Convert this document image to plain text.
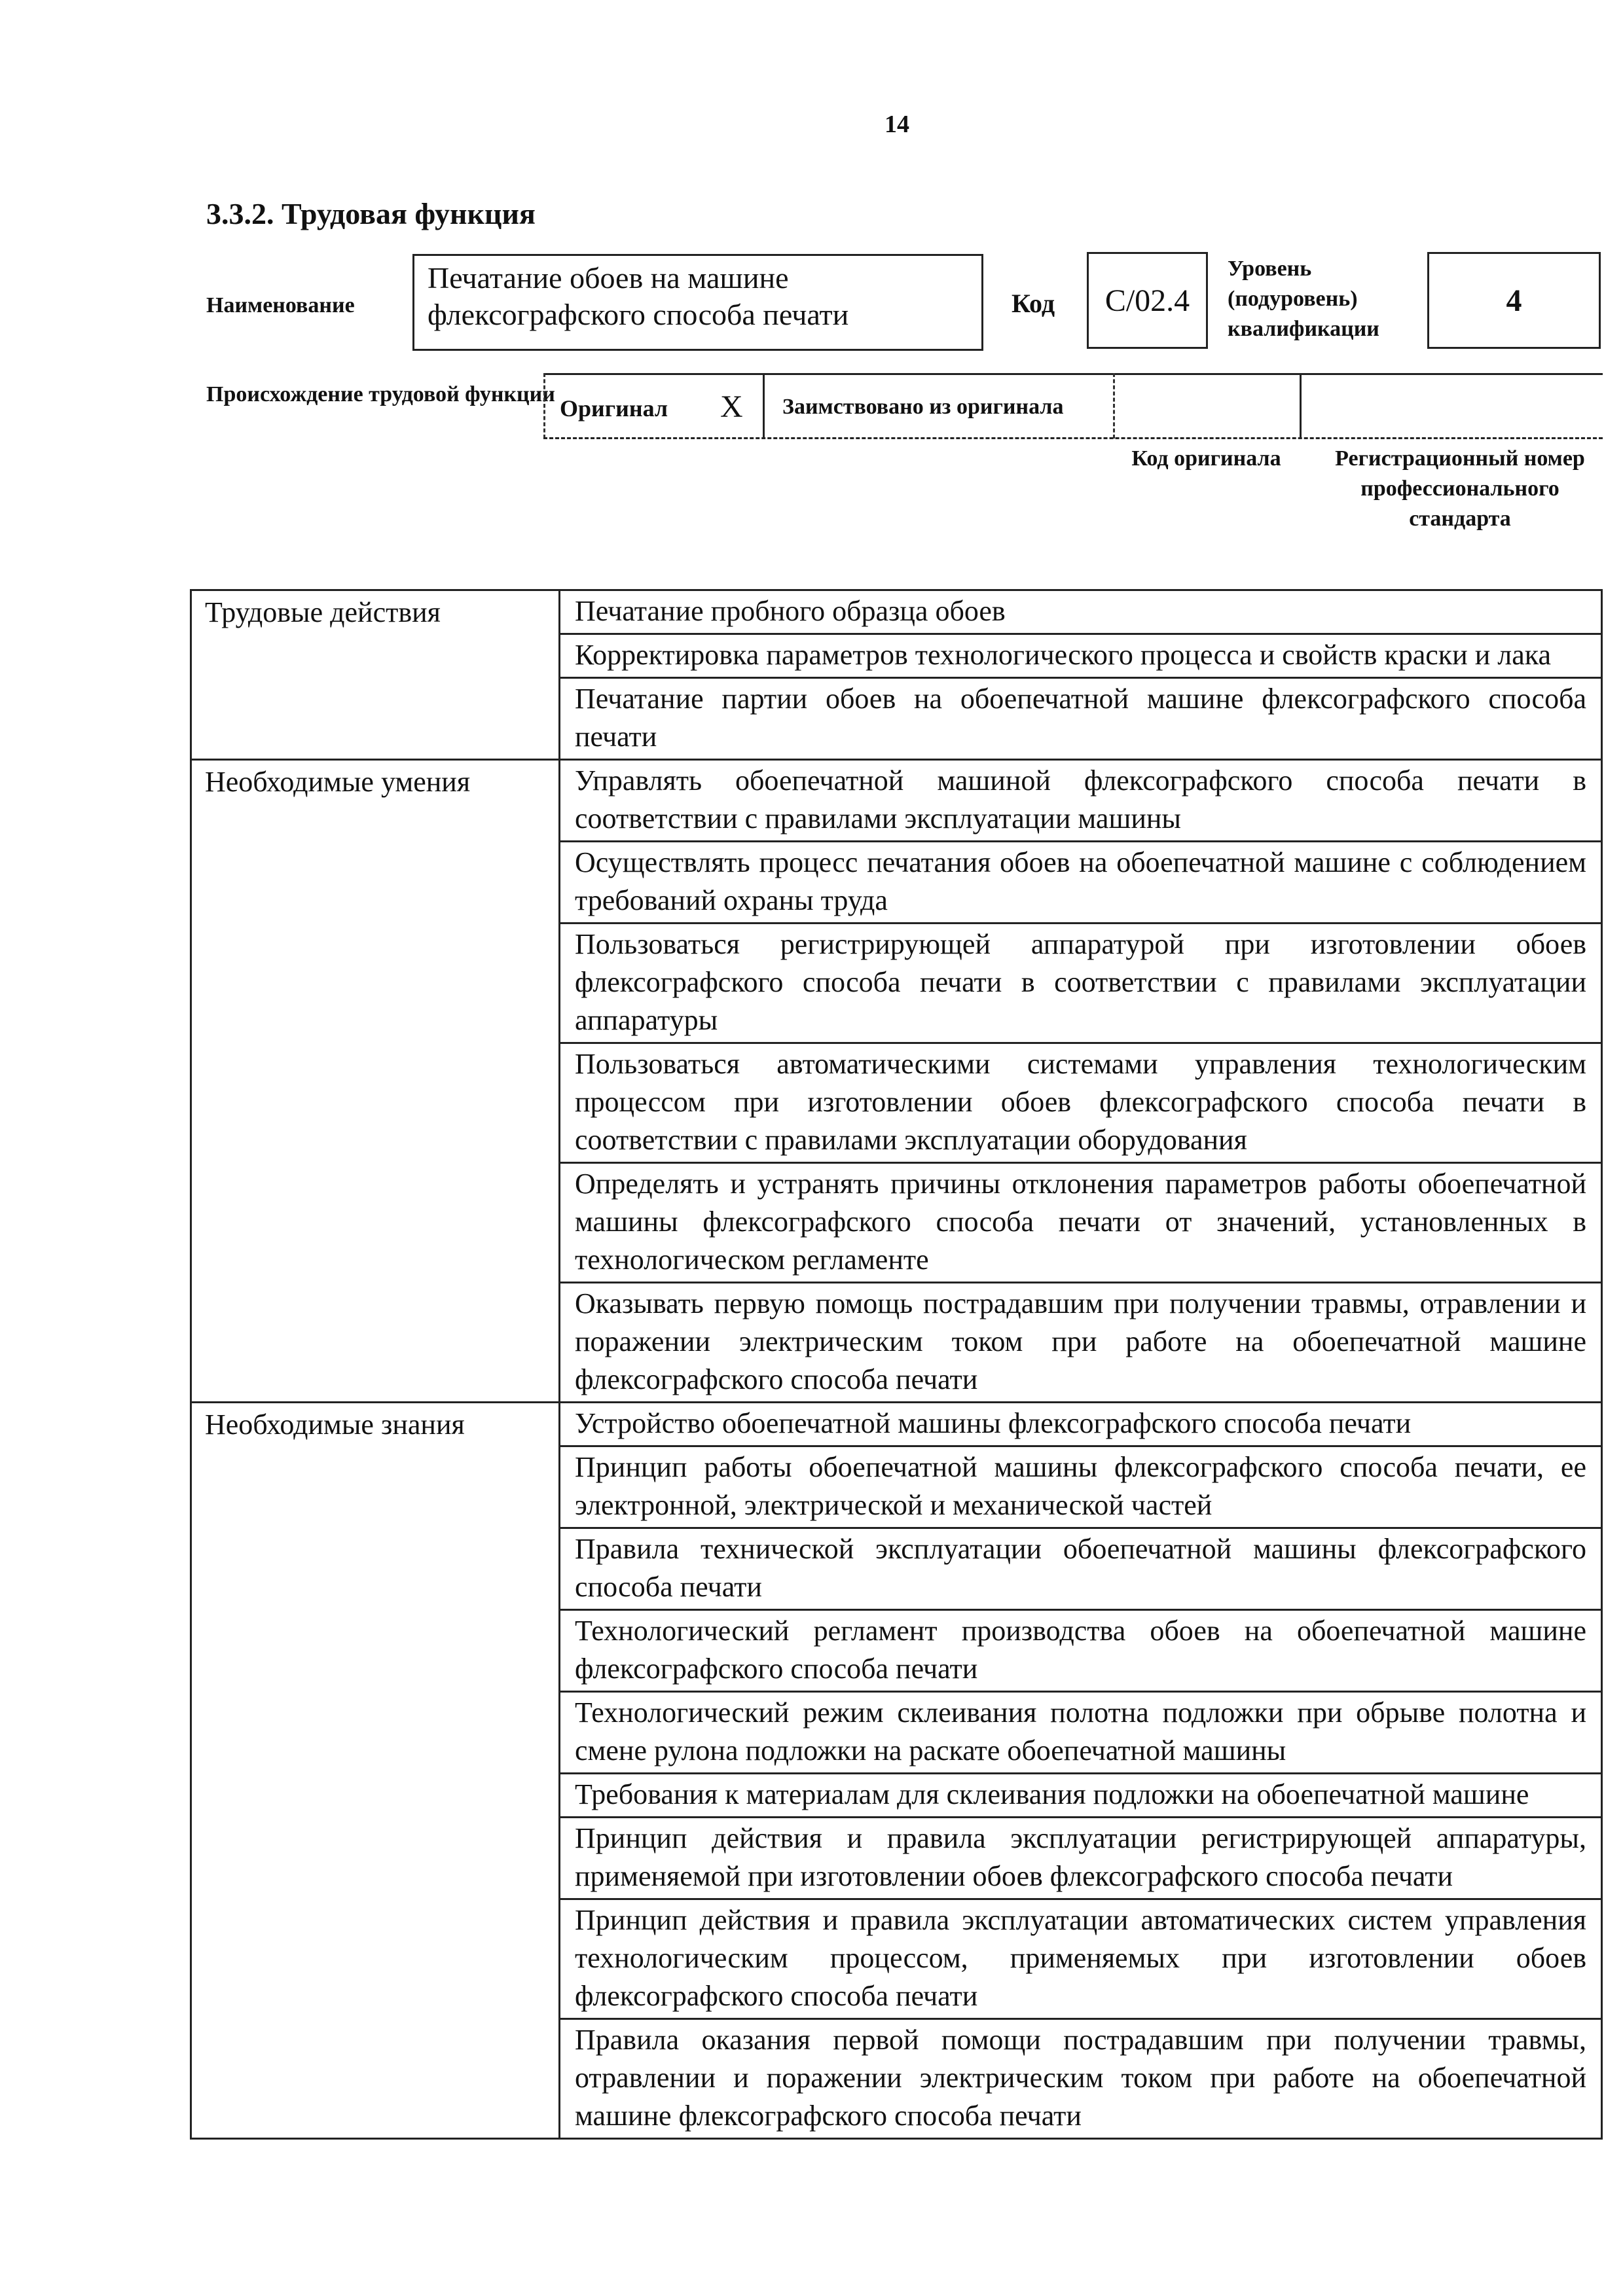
14
3.3.2. Трудовая функция
Наименование
Печатание обоев на машине флексографского способа печати	Код	C/02.4
Уровень (подуровень) квалификации
4
Происхождение трудовой функции
Оригинал X Заимствовано из оригинала
Код оригинала	Регистрационный номер профессионального стандарта
Трудовые действия	Печатание пробного образца обоев
	Корректировка параметров технологического процесса и свойств краски и лака
	Печатание партии обоев на обоепечатной машине флексографского способа печати
Необходимые умения	Управлять обоепечатной машиной флексографского способа печати в соответствии с правилами эксплуатации машины
	Осуществлять процесс печатания обоев на обоепечатной машине с соблюдением требований охраны труда
	Пользоваться регистрирующей аппаратурой при изготовлении обоев флексографского способа печати в соответствии с правилами эксплуатации аппаратуры
	Пользоваться автоматическими системами управления технологическим процессом при изготовлении обоев флексографского способа печати в соответствии с правилами эксплуатации оборудования
	Определять и устранять причины отклонения параметров работы обоепечатной машины флексографского способа печати от значений, установленных в технологическом регламенте
	Оказывать первую помощь пострадавшим при получении травмы, отравлении и поражении электрическим током при работе на обоепечатной машине флексографского способа печати
Необходимые знания	Устройство обоепечатной машины флексографского способа печати
	Принцип работы обоепечатной машины флексографского способа печати, ее электронной, электрической и механической частей
	Правила технической эксплуатации обоепечатной машины флексографского способа печати
	Технологический регламент производства обоев на обоепечатной машине флексографского способа печати
	Технологический режим склеивания полотна подложки при обрыве полотна и смене рулона подложки на раскате обоепечатной машины
	Требования к материалам для склеивания подложки на обоепечатной машине
	Принцип действия и правила эксплуатации регистрирующей аппаратуры, применяемой при изготовлении обоев флексографского способа печати
	Принцип действия и правила эксплуатации автоматических систем управления технологическим процессом, применяемых при изготовлении обоев флексографского способа печати
	Правила оказания первой помощи пострадавшим при получении травмы, отравлении и поражении электрическим током при работе на обоепечатной машине флексографского способа печати
